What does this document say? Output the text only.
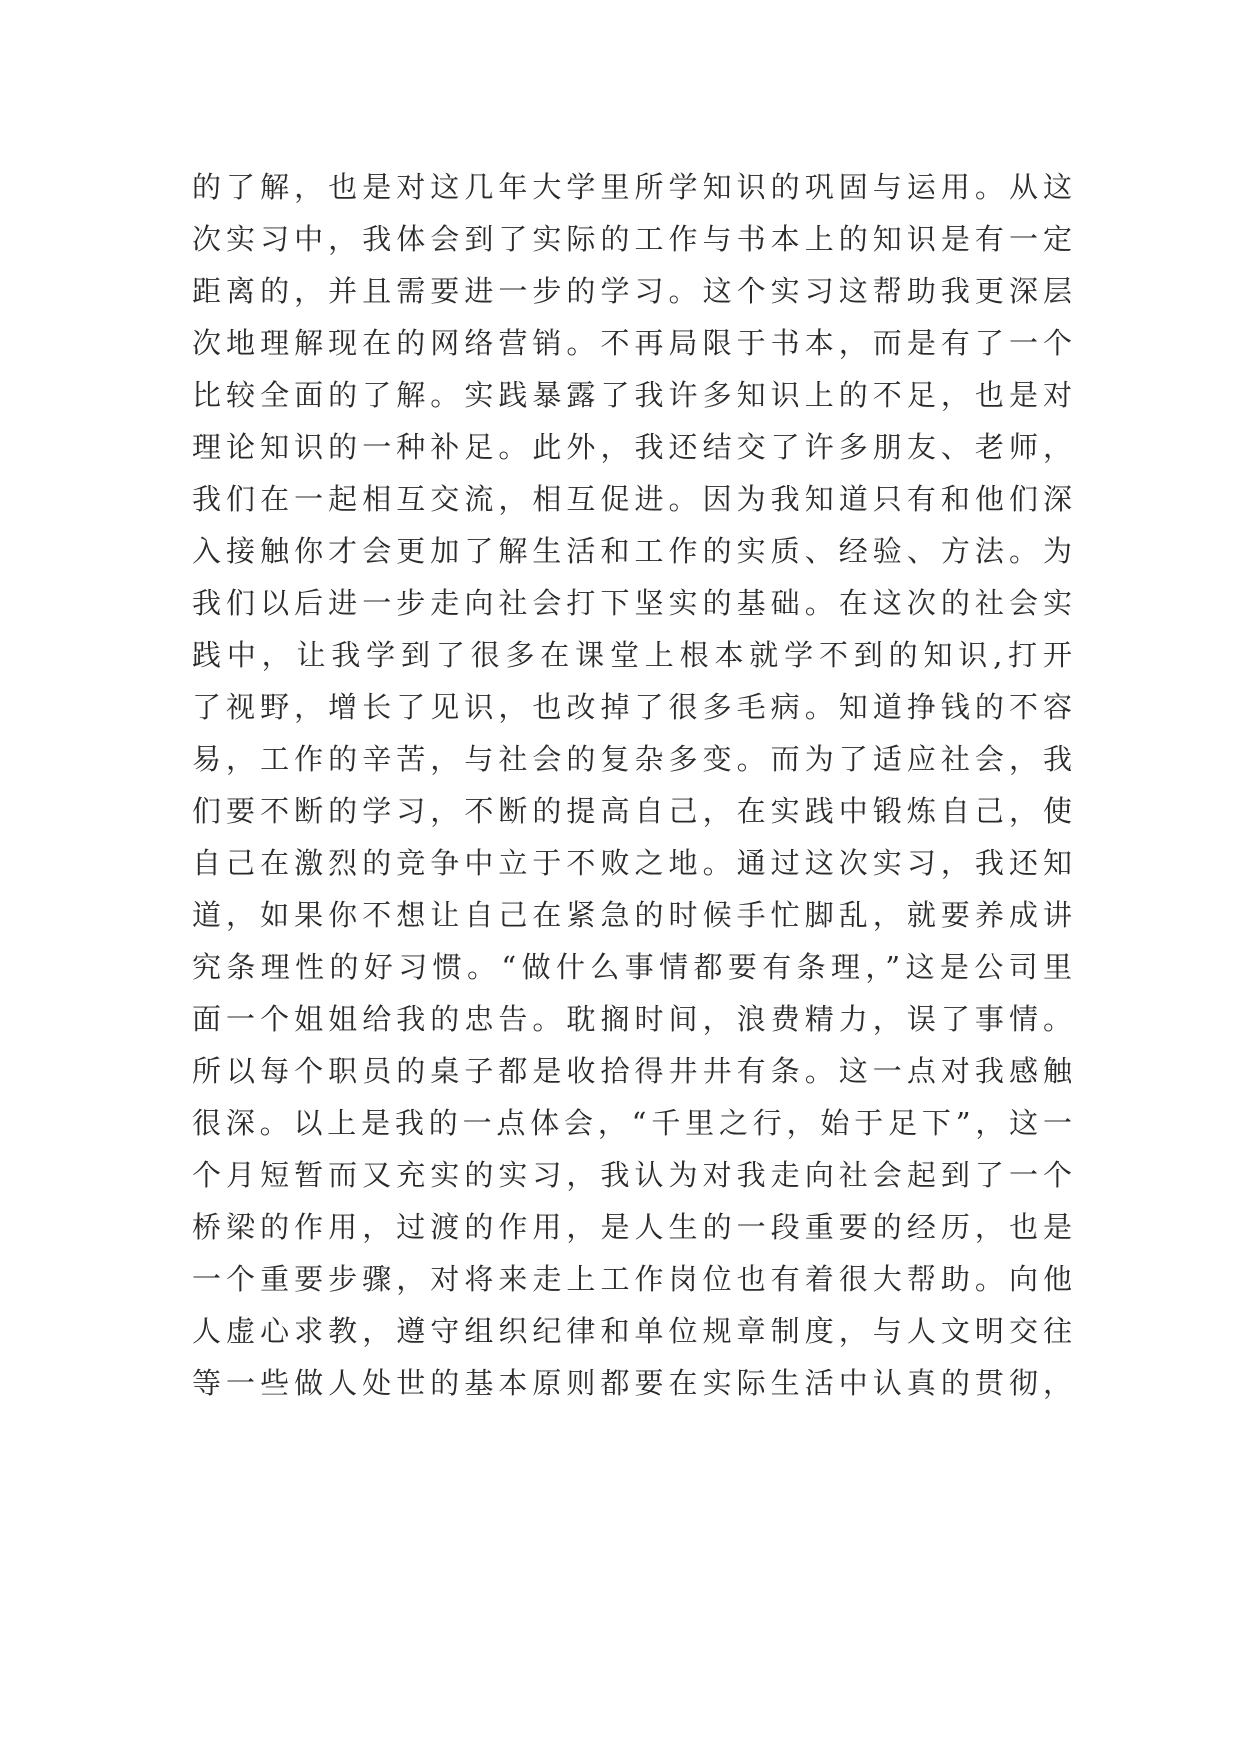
的了解，也是对这几年大学里所学知识的巩固与运用。从这
次实习中，我体会到了实际的工作与书本上的知识是有一定
距离的，并且需要进一步的学习。这个实习这帮助我更深层
次地理解现在的网络营销。不再局限于书本，而是有了一个
比较全面的了解。实践暴露了我许多知识上的不足，也是对
理论知识的一种补足。此外，我还结交了许多朋友、老师，
我们在一起相互交流，相互促进。因为我知道只有和他们深
入接触你才会更加了解生活和工作的实质、经验、方法。为
我们以后进一步走向社会打下坚实的基础。在这次的社会实
践中，让我学到了很多在课堂上根本就学不到的知识,打开
了视野，增长了见识，也改掉了很多毛病。知道挣钱的不容
易，工作的辛苦，与社会的复杂多变。而为了适应社会，我
们要不断的学习，不断的提高自己，在实践中锻炼自己，使
自己在激烈的竞争中立于不败之地。通过这次实习，我还知
道，如果你不想让自己在紧急的时候手忙脚乱，就要养成讲
究条理性的好习惯。“做什么事情都要有条理，”这是公司里
面一个姐姐给我的忠告。耽搁时间，浪费精力，误了事情。
所以每个职员的桌子都是收拾得井井有条。这一点对我感触
很深。以上是我的一点体会，“千里之行，始于足下”，这一
个月短暂而又充实的实习，我认为对我走向社会起到了一个
桥梁的作用，过渡的作用，是人生的一段重要的经历，也是
一个重要步骤，对将来走上工作岗位也有着很大帮助。向他
人虚心求教，遵守组织纪律和单位规章制度，与人文明交往
等一些做人处世的基本原则都要在实际生活中认真的贯彻，
